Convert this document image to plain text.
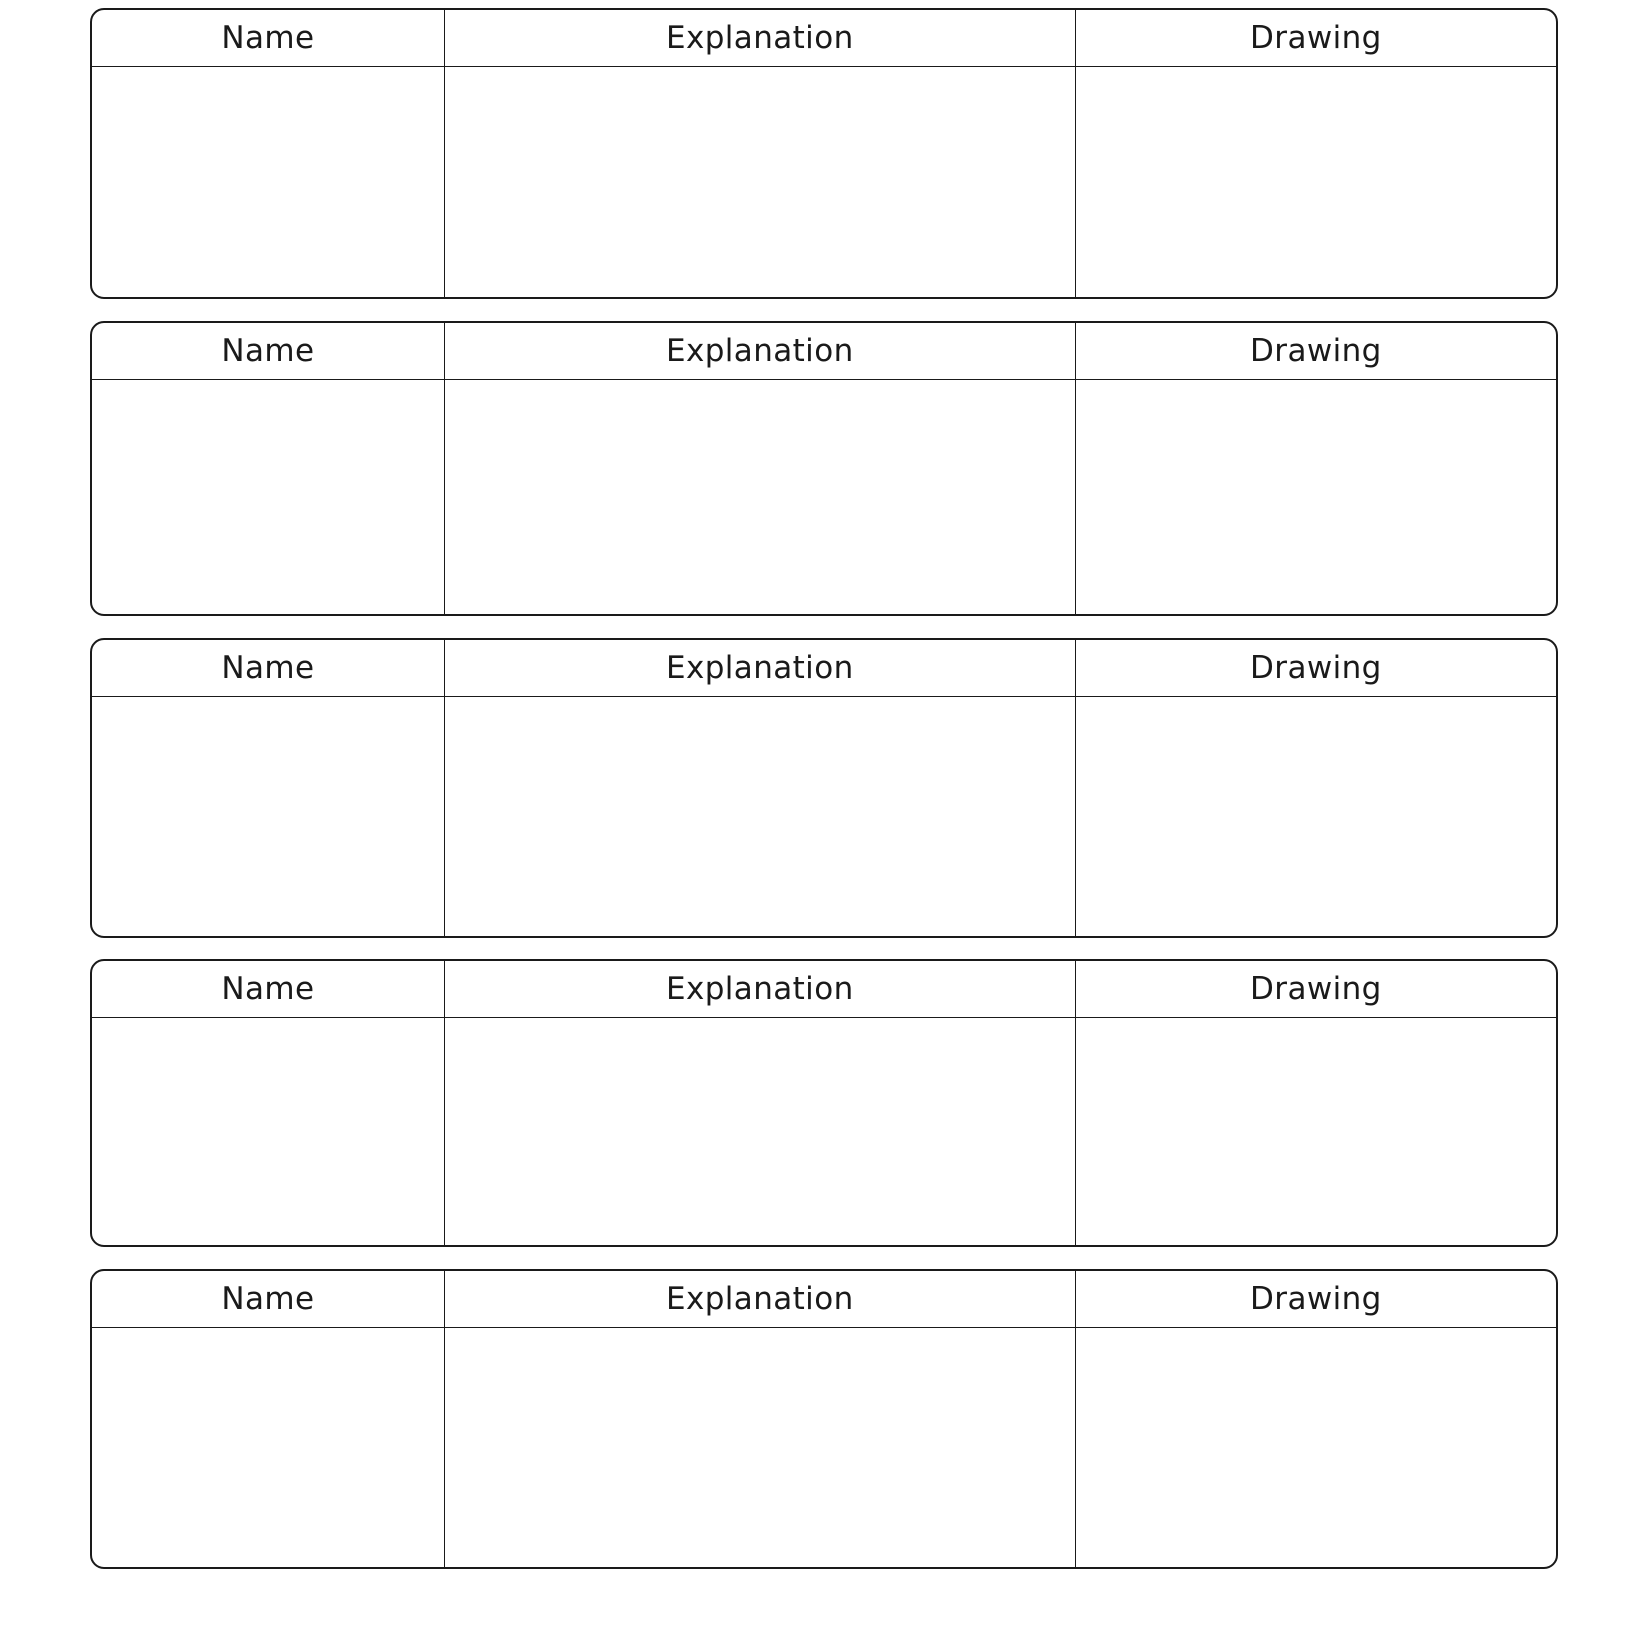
Name	Explanation	Drawing
Name	Explanation	Drawing
Name	Explanation	Drawing
Name	Explanation	Drawing
Name	Explanation	Drawing
